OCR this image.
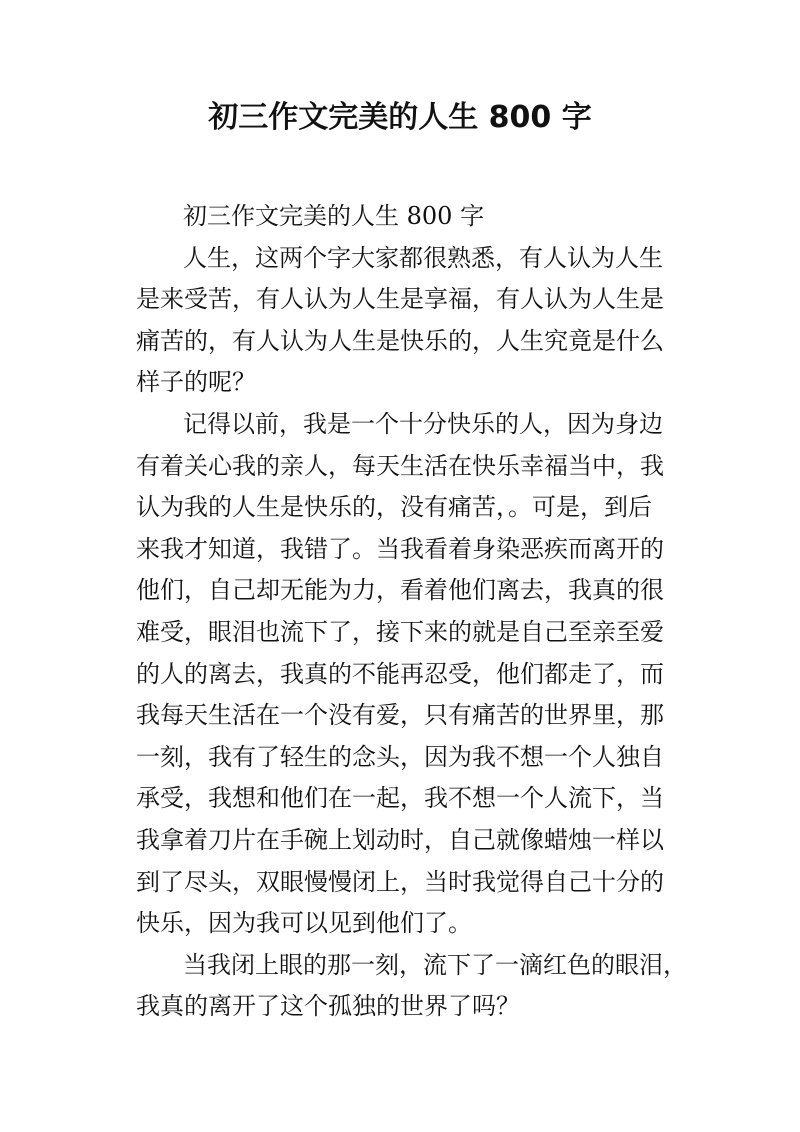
初三作文完美的人生 800 字
初三作文完美的人生 800 字
人生，这两个字大家都很熟悉，有人认为人生
是来受苦，有人认为人生是享福，有人认为人生是
痛苦的，有人认为人生是快乐的，人生究竟是什么
样子的呢？
记得以前，我是一个十分快乐的人，因为身边
有着关心我的亲人，每天生活在快乐幸福当中，我
认为我的人生是快乐的，没有痛苦，。可是，到后
来我才知道，我错了。当我看着身染恶疾而离开的
他们，自己却无能为力，看着他们离去，我真的很
难受，眼泪也流下了，接下来的就是自己至亲至爱
的人的离去，我真的不能再忍受，他们都走了，而
我每天生活在一个没有爱，只有痛苦的世界里，那
一刻，我有了轻生的念头，因为我不想一个人独自
承受，我想和他们在一起，我不想一个人流下，当
我拿着刀片在手碗上划动时，自己就像蜡烛一样以
到了尽头，双眼慢慢闭上，当时我觉得自己十分的
快乐，因为我可以见到他们了。
当我闭上眼的那一刻，流下了一滴红色的眼泪，
我真的离开了这个孤独的世界了吗？
